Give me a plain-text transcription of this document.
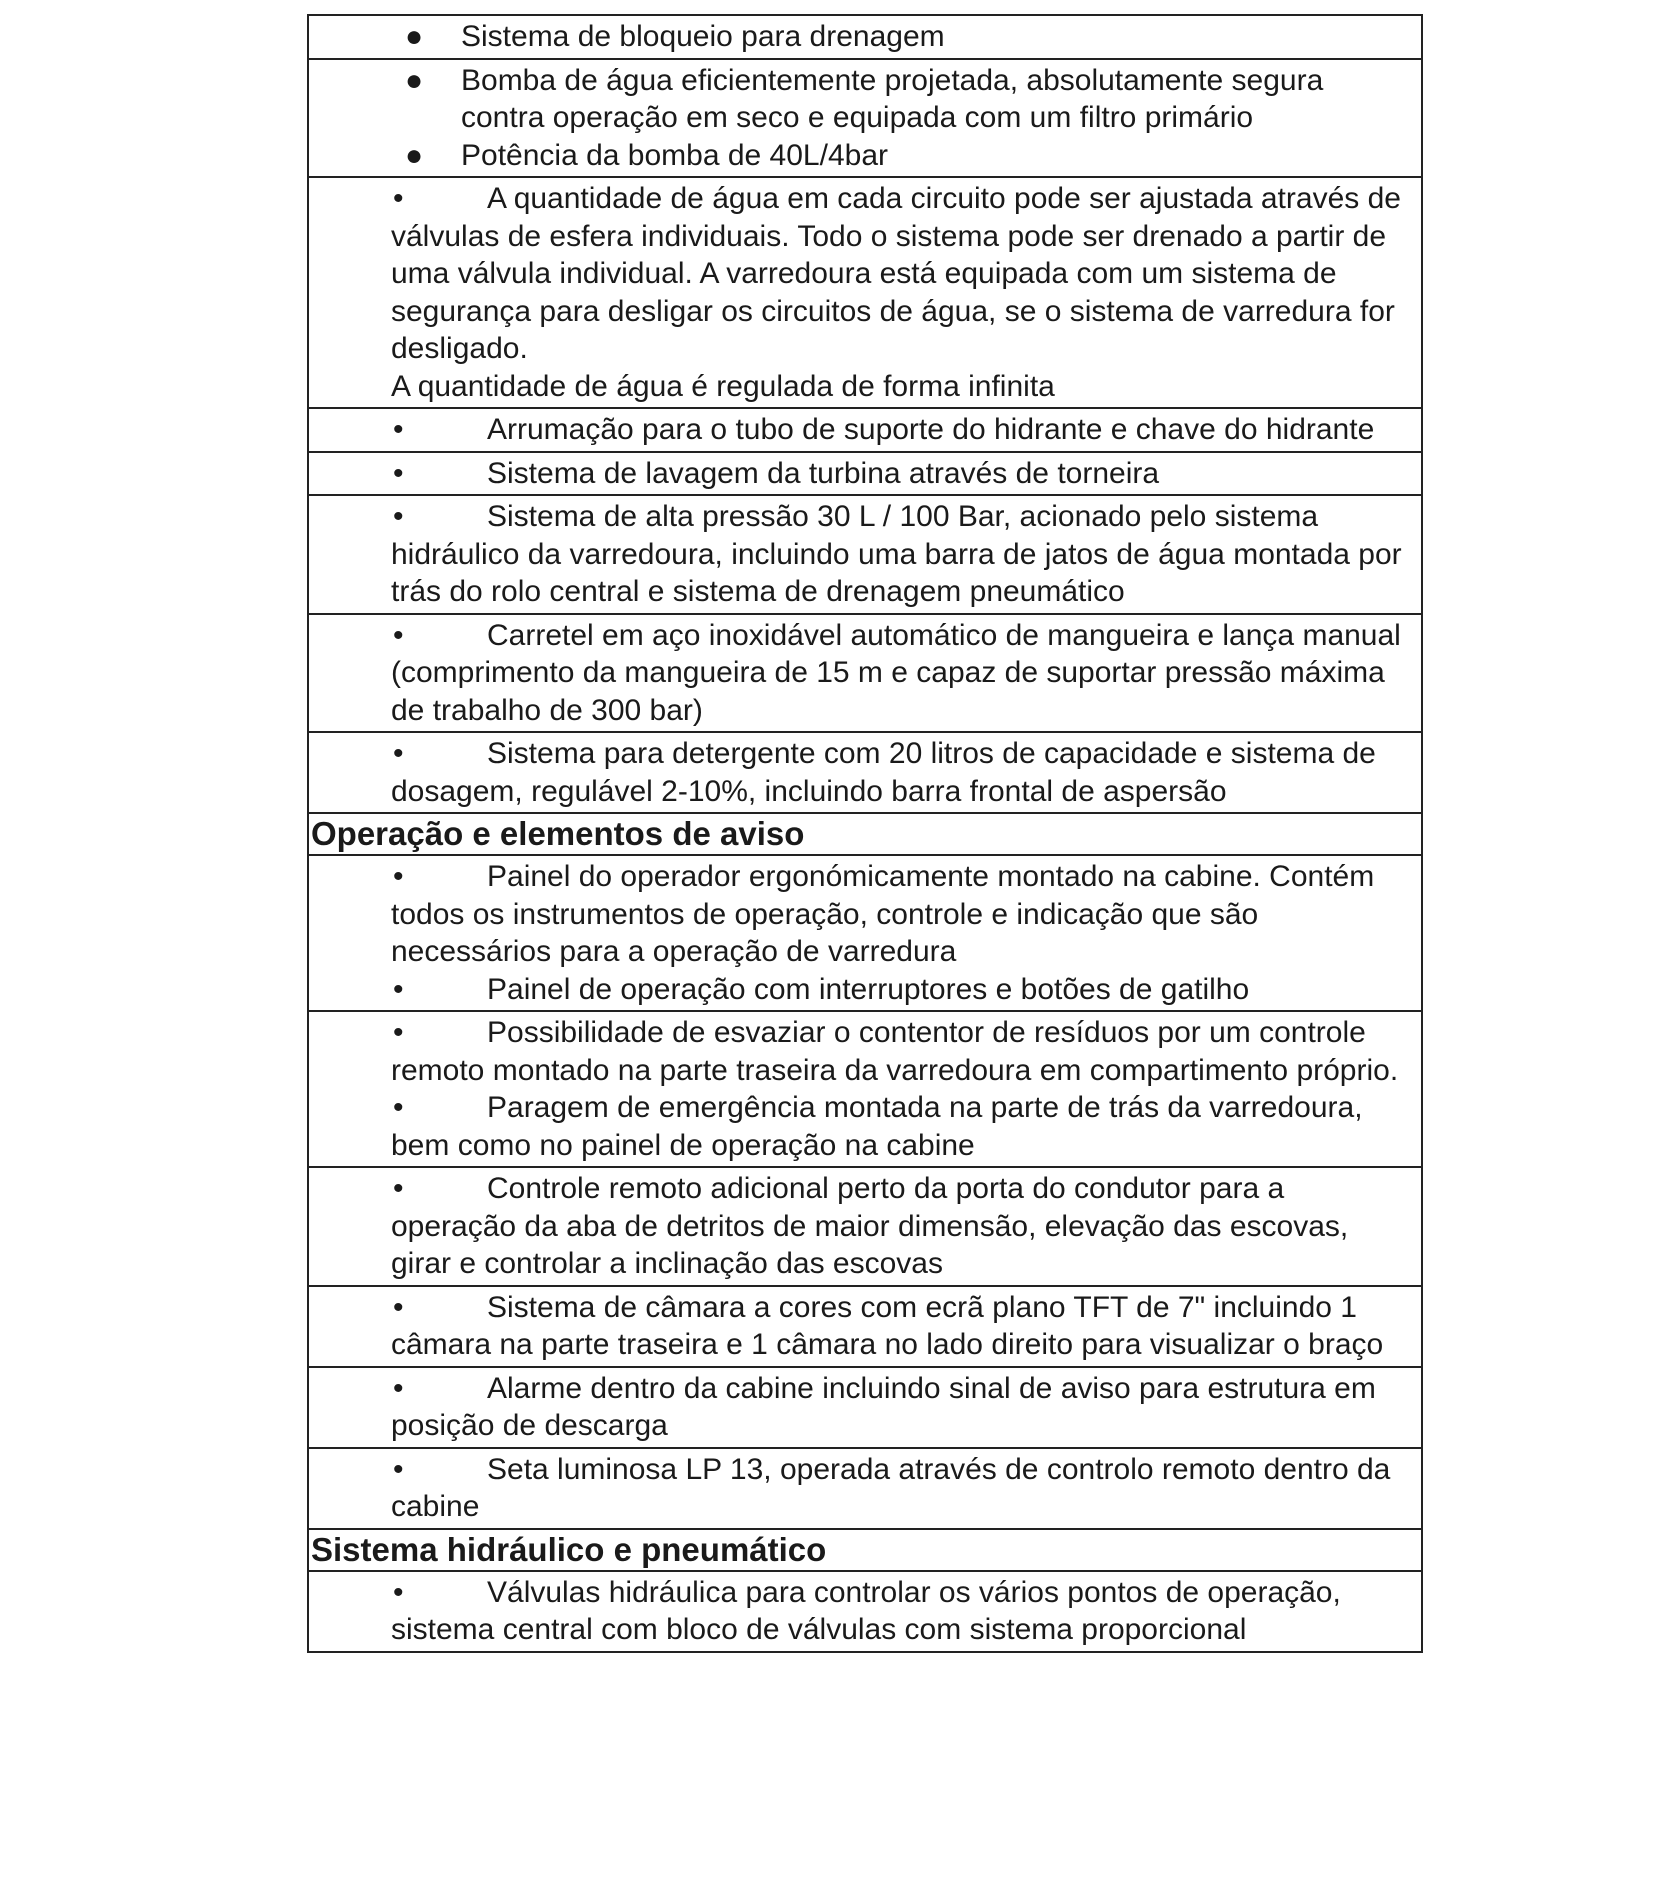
●	Sistema de bloqueio para drenagem

●	Bomba de água eficientemente projetada, absolutamente segura contra operação em seco e equipada com um filtro primário
●	Potência da bomba de 40L/4bar

•	A quantidade de água em cada circuito pode ser ajustada através de válvulas de esfera individuais. Todo o sistema pode ser drenado a partir de uma válvula individual. A varredoura está equipada com um sistema de segurança para desligar os circuitos de água, se o sistema de varredura for desligado.
A quantidade de água é regulada de forma infinita

•	Arrumação para o tubo de suporte do hidrante e chave do hidrante

•	Sistema de lavagem da turbina através de torneira

•	Sistema de alta pressão 30 L / 100 Bar, acionado pelo sistema hidráulico da varredoura, incluindo uma barra de jatos de água montada por trás do rolo central e sistema de drenagem pneumático

•	Carretel em aço inoxidável automático de mangueira e lança manual (comprimento da mangueira de 15 m e capaz de suportar pressão máxima de trabalho de 300 bar)

•	Sistema para detergente com 20 litros de capacidade e sistema de dosagem, regulável 2-10%, incluindo barra frontal de aspersão

Operação e elementos de aviso

•	Painel do operador ergonómicamente montado na cabine. Contém todos os instrumentos de operação, controle e indicação que são necessários para a operação de varredura
•	Painel de operação com interruptores e botões de gatilho

•	Possibilidade de esvaziar o contentor de resíduos por um controle remoto montado na parte traseira da varredoura em compartimento próprio.
•	Paragem de emergência montada na parte de trás da varredoura, bem como no painel de operação na cabine

•	Controle remoto adicional perto da porta do condutor para a operação da aba de detritos de maior dimensão, elevação das escovas, girar e controlar a inclinação das escovas

•	Sistema de câmara a cores com ecrã plano TFT de 7" incluindo 1 câmara na parte traseira e 1 câmara no lado direito para visualizar o braço

•	Alarme dentro da cabine incluindo sinal de aviso para estrutura em posição de descarga

•	Seta luminosa LP 13, operada através de controlo remoto dentro da cabine

Sistema hidráulico e pneumático

•	Válvulas hidráulica para controlar os vários pontos de operação, sistema central com bloco de válvulas com sistema proporcional
